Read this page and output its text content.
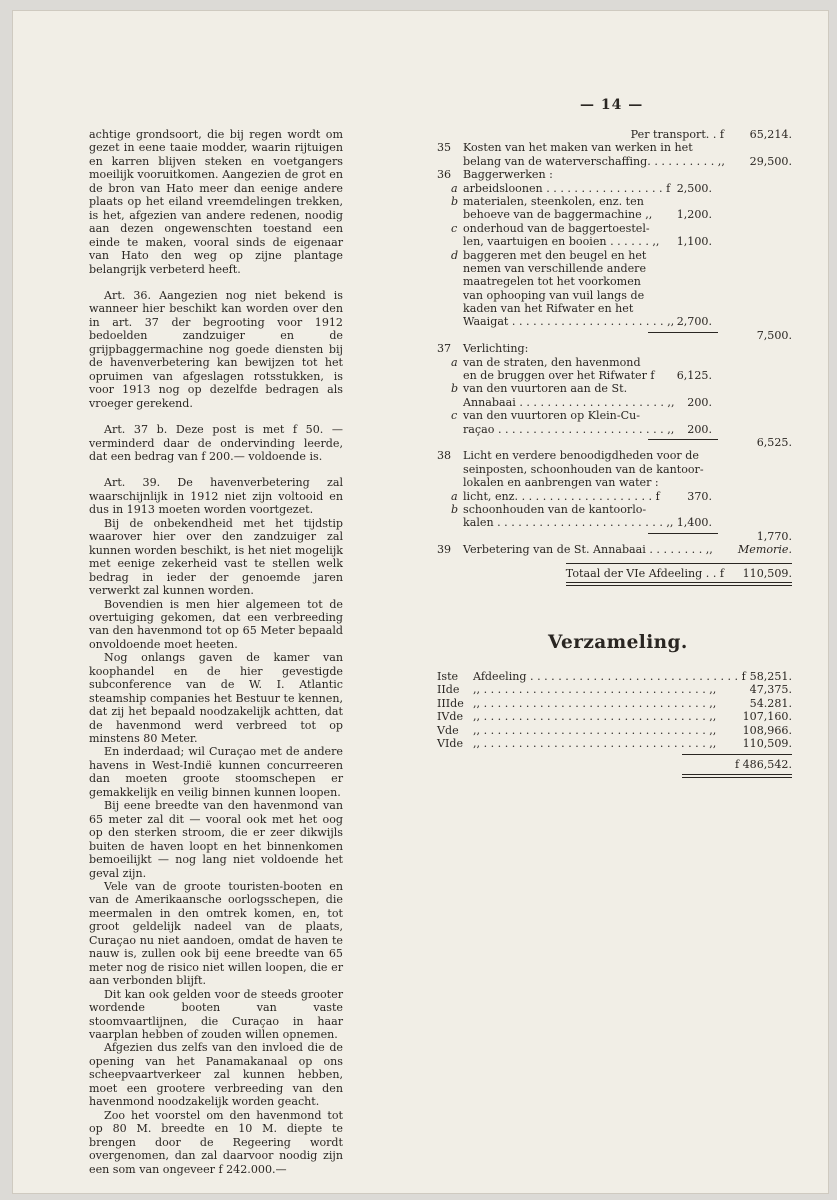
— 14 —

achtige grondsoort, die bij regen wordt om gezet in eene taaie modder, waarin rijtuigen en karren blijven steken en voetgangers moeilijk vooruitkomen. Aangezien de grot en de bron van Hato meer dan eenige andere plaats op het eiland vreemdelingen trekken, is het, afgezien van andere redenen, noodig aan dezen ongewenschten toestand een einde te maken, vooral sinds de eigenaar van Hato den weg op zijne plantage belangrijk verbeterd heeft.

Art. 36. Aangezien nog niet bekend is wanneer hier beschikt kan worden over den in art. 37 der begrooting voor 1912 bedoelden zandzuiger en de grijpbaggermachine nog goede diensten bij de havenverbetering kan bewijzen tot het opruimen van afgeslagen rotsstukken, is voor 1913 nog op dezelfde bedragen als vroeger gerekend.

Art. 37 b. Deze post is met f 50. — verminderd daar de ondervinding leerde, dat een bedrag van f 200.— voldoende is.

Art. 39. De havenverbetering zal waarschijnlijk in 1912 niet zijn voltooid en dus in 1913 moeten worden voortgezet.

Bij de onbekendheid met het tijdstip waarover hier over den zandzuiger zal kunnen worden beschikt, is het niet mogelijk met eenige zekerheid vast te stellen welk bedrag in ieder der genoemde jaren verwerkt zal kunnen worden.

Bovendien is men hier algemeen tot de overtuiging gekomen, dat een verbreeding van den havenmond tot op 65 Meter bepaald onvoldoende moet heeten.

Nog onlangs gaven de kamer van koophandel en de hier gevestigde subconference van de W. I. Atlantic steamship companies het Bestuur te kennen, dat zij het bepaald noodzakelijk achtten, dat de havenmond werd verbreed tot op minstens 80 Meter.

En inderdaad; wil Curaçao met de andere havens in West-Indië kunnen concurreeren dan moeten groote stoomschepen er gemakkelijk en veilig binnen kunnen loopen.

Bij eene breedte van den havenmond van 65 meter zal dit — vooral ook met het oog op den sterken stroom, die er zeer dikwijls buiten de haven loopt en het binnenkomen bemoeilijkt — nog lang niet voldoende het geval zijn.

Vele van de groote touristen-booten en van de Amerikaansche oorlogsschepen, die meermalen in den omtrek komen, en, tot groot geldelijk nadeel van de plaats, Curaçao nu niet aandoen, omdat de haven te nauw is, zullen ook bij eene breedte van 65 meter nog de risico niet willen loopen, die er aan verbonden blijft.

Dit kan ook gelden voor de steeds grooter wordende booten van vaste stoomvaartlijnen, die Curaçao in haar vaarplan hebben of zouden willen opnemen.

Afgezien dus zelfs van den invloed die de opening van het Panamakanaal op ons scheepvaartverkeer zal kunnen hebben, moet een grootere verbreeding van den havenmond noodzakelijk worden geacht.

Zoo het voorstel om den havenmond tot op 80 M. breedte en 10 M. diepte te brengen door de Regeering wordt overgenomen, dan zal daarvoor noodig zijn een som van ongeveer f 242.000.—

Per transport. . f 65,214.
35 Kosten van het maken van werken in het
belang van de waterverschaffing. . . . . . . . . . ,, 29,500.
36 Baggerwerken :
a arbeidsloonen . . . . . . . . . . . . . . . . . f 2,500.
b materialen, steenkolen, enz. ten
behoeve van de baggermachine ,, 1,200.
c onderhoud van de baggertoestel-
len, vaartuigen en booien . . . . . . ,, 1,100.
d baggeren met den beugel en het
nemen van verschillende andere
maatregelen tot het voorkomen
van ophooping van vuil langs de
kaden van het Rifwater en het
Waaigat . . . . . . . . . . . . . . . . . . . . . . ,, 2,700.
7,500.
37 Verlichting:
a van de straten, den havenmond
en de bruggen over het Rifwater f 6,125.
b van den vuurtoren aan de St.
Annabaai . . . . . . . . . . . . . . . . . . . . . ,, 200.
c van den vuurtoren op Klein-Cu-
raçao . . . . . . . . . . . . . . . . . . . . . . . . ,, 200.
6,525.
38 Licht en verdere benoodigdheden voor de
seinposten, schoonhouden van de kantoor-
lokalen en aanbrengen van water :
a licht, enz. . . . . . . . . . . . . . . . . . . . f 370.
b schoonhouden van de kantoorlo-
kalen . . . . . . . . . . . . . . . . . . . . . . . . ,, 1,400.
1,770.
39 Verbetering van de St. Annabaai . . . . . . . . ,, Memorie.
Totaal der VIe Afdeeling . . f 110,509.
Verzameling.
Iste Afdeeling . . . . . . . . . . . . . . . . . . . . . . . . . . . . . . f 58,251.
IIde ,, . . . . . . . . . . . . . . . . . . . . . . . . . . . . . . . . ,,	47,375.
IIIde ,, . . . . . . . . . . . . . . . . . . . . . . . . . . . . . . . . ,,	54.281.
IVde ,, . . . . . . . . . . . . . . . . . . . . . . . . . . . . . . . . ,, 107,160.
Vde ,, . . . . . . . . . . . . . . . . . . . . . . . . . . . . . . . . ,, 108,966.
VIde ,, . . . . . . . . . . . . . . . . . . . . . . . . . . . . . . . . ,, 110,509.
f 486,542.
